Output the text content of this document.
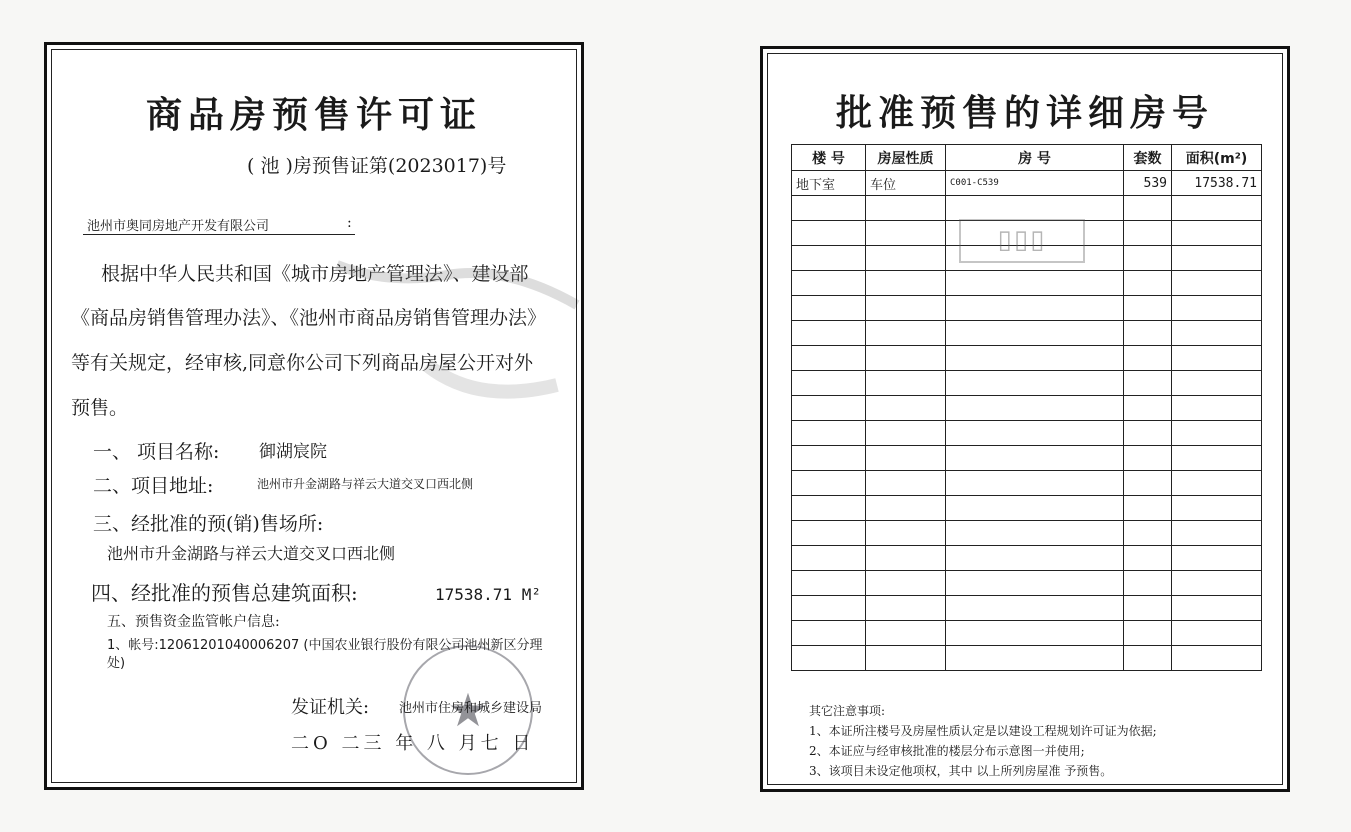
商品房预售许可证
( 池 )房预售证第(2023017)号
池州市奥同房地产开发有限公司	:
根据中华人民共和国《城市房地产管理法》、建设部
《商品房销售管理办法》、《池州市商品房销售管理办法》
等有关规定，经审核,同意你公司下列商品房屋公开对外
预售。
一、 项目名称: 御湖宸院
二、项目地址:	池州市升金湖路与祥云大道交叉口西北侧
三、经批准的预(销)售场所:
池州市升金湖路与祥云大道交叉口西北侧
四、经批准的预售总建筑面积:	17538.71 M²
五、预售资金监管帐户信息:
1、帐号:12061201040006207 (中国农业银行股份有限公司池州新区分理处)
★
发证机关: 池州市住房和城乡建设局
二O 二三 年 八 月七 日
批准预售的详细房号
楼 号	房屋性质	房 号	套数	面积(m²)
地下室	车位	C001-C539	539	17538.71

▯▯▯
其它注意事项:
1、本证所注楼号及房屋性质认定是以建设工程规划许可证为依据;
2、本证应与经审核批准的楼层分布示意图一并使用;
3、该项目未设定他项权，其中 以上所列房屋准 予预售。
